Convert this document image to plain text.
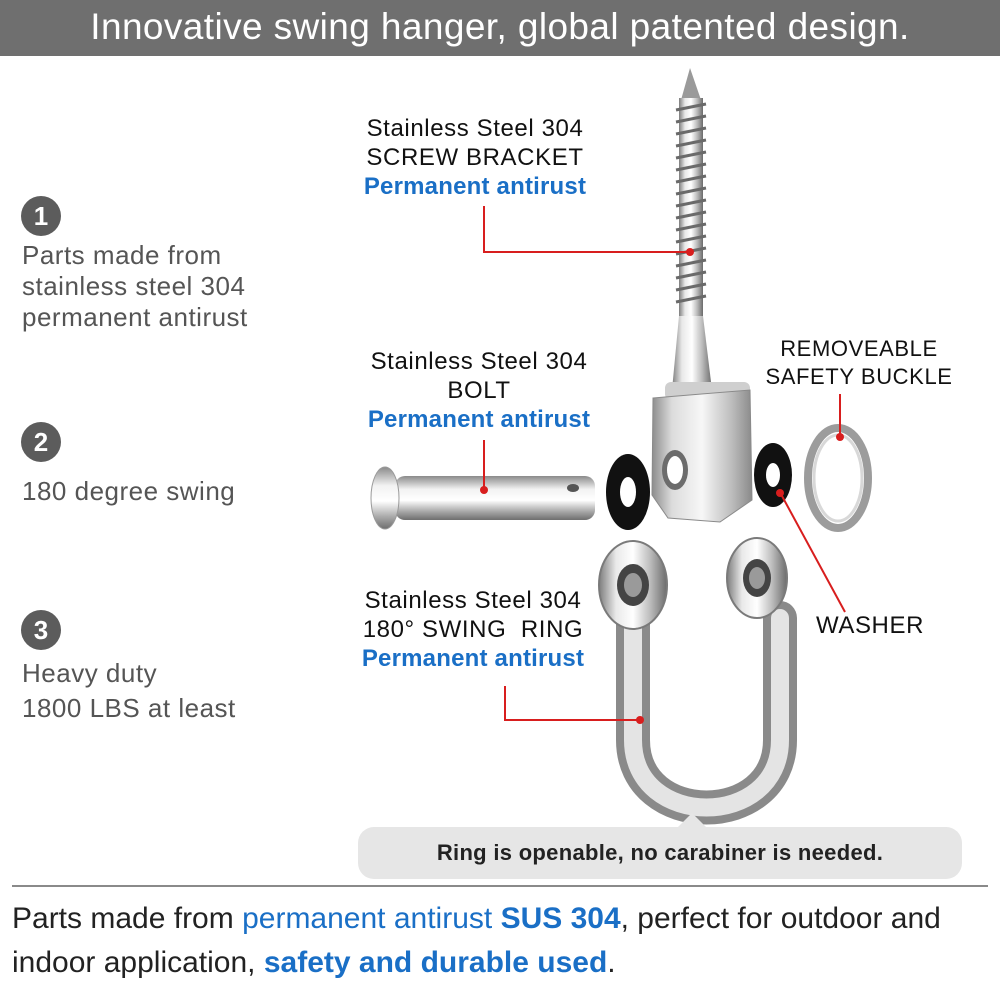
Innovative swing hanger, global patented design.
1
Parts made from
stainless steel 304
permanent antirust
2
180 degree swing
3
Heavy duty
1800 LBS at least
Stainless Steel 304
SCREW BRACKET
Permanent antirust
Stainless Steel 304
BOLT
Permanent antirust
Stainless Steel 304
180° SWING  RING
Permanent antirust
REMOVEABLE
SAFETY BUCKLE
WASHER
Ring is openable, no carabiner is needed.
Parts made from permanent antirust SUS 304, perfect for outdoor and indoor application, safety and durable used.
